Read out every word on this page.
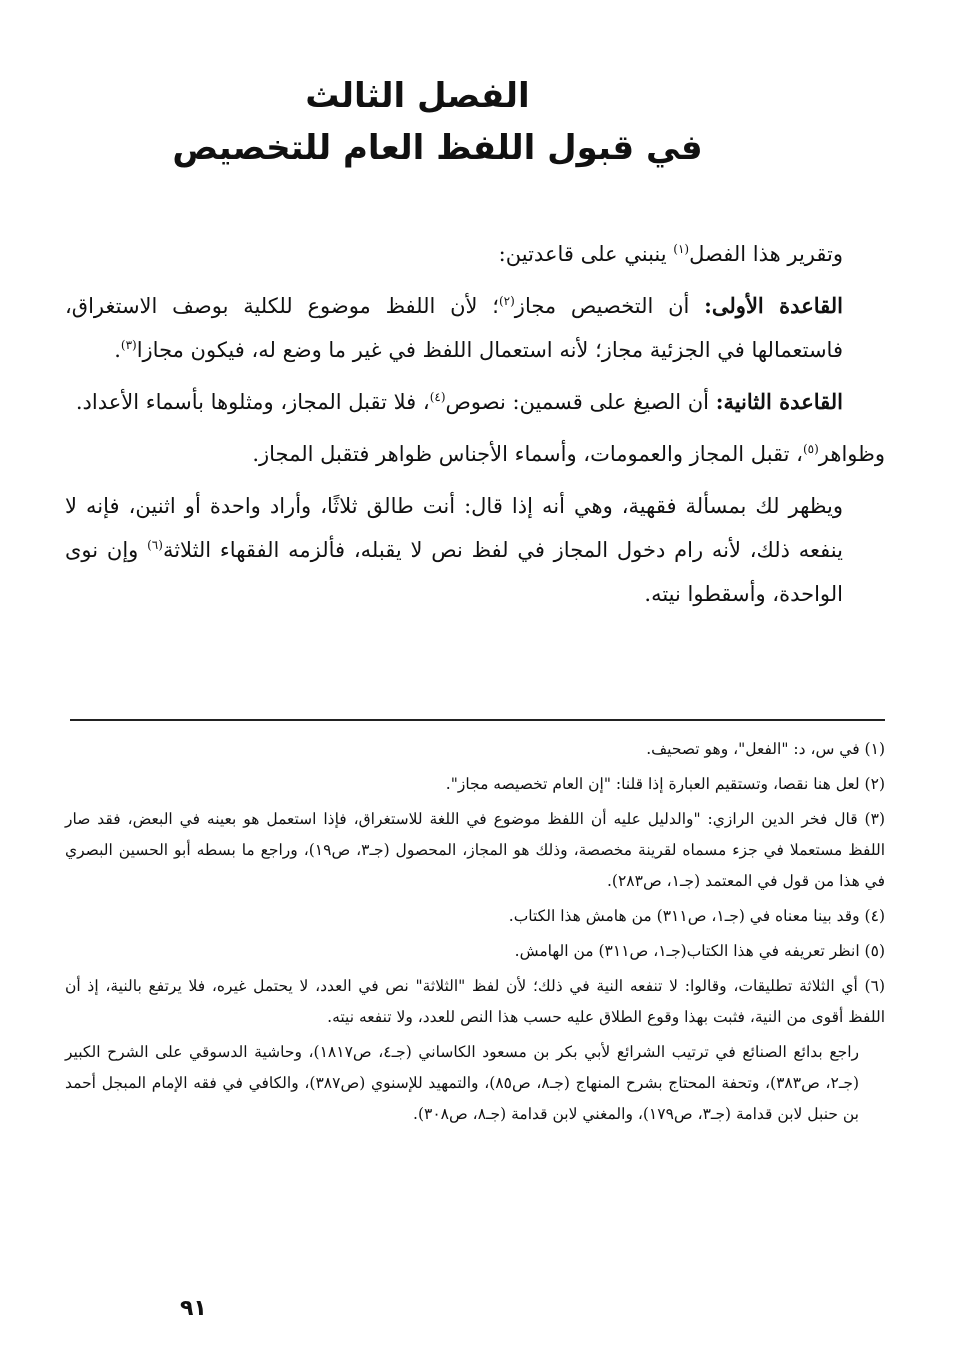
الفصل الثالث
في قبول اللفظ العام للتخصيص

وتقرير هذا الفصل$^{(١)}$ ينبني على قاعدتين:

القاعدة الأولى: أن التخصيص مجاز$^{(٢)}$؛ لأن اللفظ موضوع للكلية بوصف الاستغراق، فاستعمالها في الجزئية مجاز؛ لأنه استعمال اللفظ في غير ما وضع له، فيكون مجازا$^{(٣)}$.

القاعدة الثانية: أن الصيغ على قسمين: نصوص$^{(٤)}$، فلا تقبل المجاز، ومثلوها بأسماء الأعداد.

وظواهر$^{(٥)}$، تقبل المجاز والعمومات، وأسماء الأجناس ظواهر فتقبل المجاز.

ويظهر لك بمسألة فقهية، وهي أنه إذا قال: أنت طالق ثلاثًا، وأراد واحدة أو اثنين، فإنه لا ينفعه ذلك، لأنه رام دخول المجاز في لفظ نص لا يقبله، فألزمه الفقهاء الثلاثة$^{(٦)}$ وإن نوى الواحدة، وأسقطوا نيته.

(١) في س، د: "الفعل"، وهو تصحيف.

(٢) لعل هنا نقصا، وتستقيم العبارة إذا قلنا: "إن العام تخصيصه مجاز".

(٣) قال فخر الدين الرازي: "والدليل عليه أن اللفظ موضوع في اللغة للاستغراق، فإذا استعمل هو بعينه في البعض، فقد صار اللفظ مستعملا في جزء مسماه لقرينة مخصصة، وذلك هو المجاز، المحصول (جـ٣، ص١٩)، وراجع ما بسطه أبو الحسين البصري في هذا من قول في المعتمد (جـ١، ص٢٨٣).

(٤) وقد بينا معناه في (جـ١، ص٣١١) من هامش هذا الكتاب.

(٥) انظر تعريفه في هذا الكتاب(جـ١، ص٣١١) من الهامش.

(٦) أي الثلاثة تطليقات، وقالوا: لا تنفعه النية في ذلك؛ لأن لفظ "الثلاثة" نص في العدد، لا يحتمل غيره، فلا يرتفع بالنية، إذ أن اللفظ أقوى من النية، فثبت بهذا وقوع الطلاق عليه حسب هذا النص للعدد، ولا تنفعه نيته.

راجع بدائع الصنائع في ترتيب الشرائع لأبي بكر بن مسعود الكاساني (جـ٤، ص١٨١٧)، وحاشية الدسوقي على الشرح الكبير (جـ٢، ص٣٨٣)، وتحفة المحتاج بشرح المنهاج (جـ٨، ص٨٥)، والتمهيد للإسنوي (ص٣٨٧)، والكافي في فقه الإمام المبجل أحمد بن حنبل لابن قدامة (جـ٣، ص١٧٩)، والمغني لابن قدامة (جـ٨، ص٣٠٨).

٩١
